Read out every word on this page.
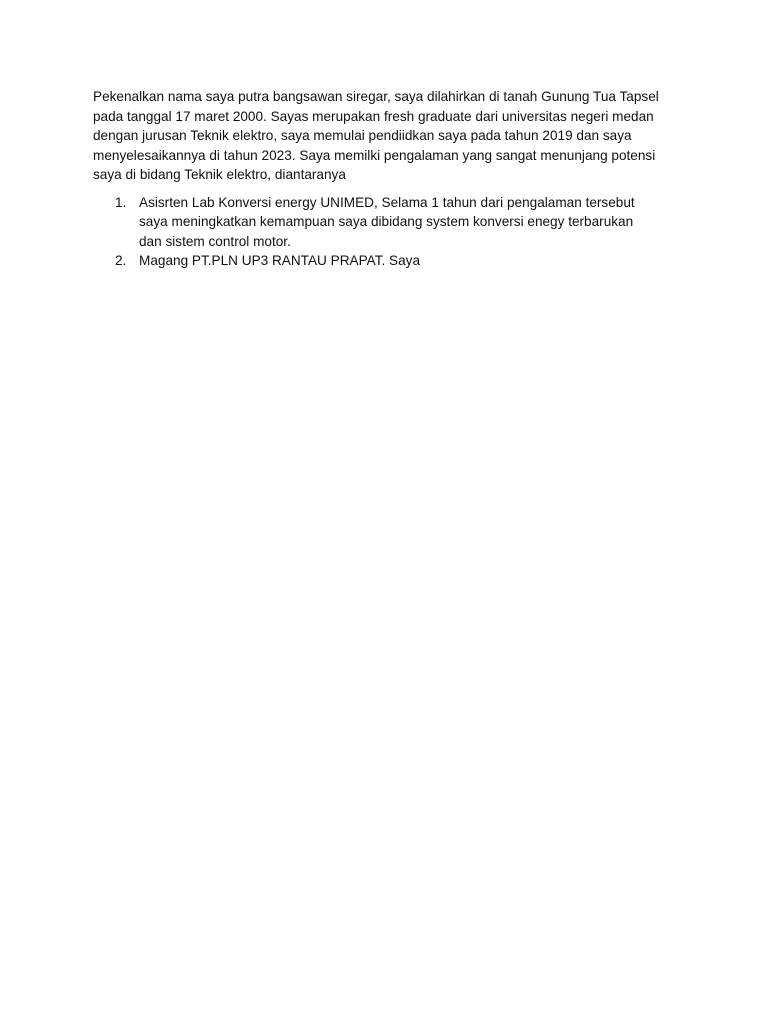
Pekenalkan nama saya putra bangsawan siregar, saya dilahirkan di tanah Gunung Tua Tapsel pada tanggal 17 maret 2000. Sayas merupakan fresh graduate dari universitas negeri medan dengan jurusan Teknik elektro, saya memulai pendiidkan saya pada tahun 2019 dan saya menyelesaikannya di tahun 2023. Saya memilki pengalaman yang sangat menunjang potensi saya di bidang Teknik elektro, diantaranya

1. Asisrten Lab Konversi energy UNIMED, Selama 1 tahun dari pengalaman tersebut saya meningkatkan kemampuan saya dibidang system konversi enegy terbarukan dan sistem control motor.
2. Magang PT.PLN UP3 RANTAU PRAPAT. Saya
